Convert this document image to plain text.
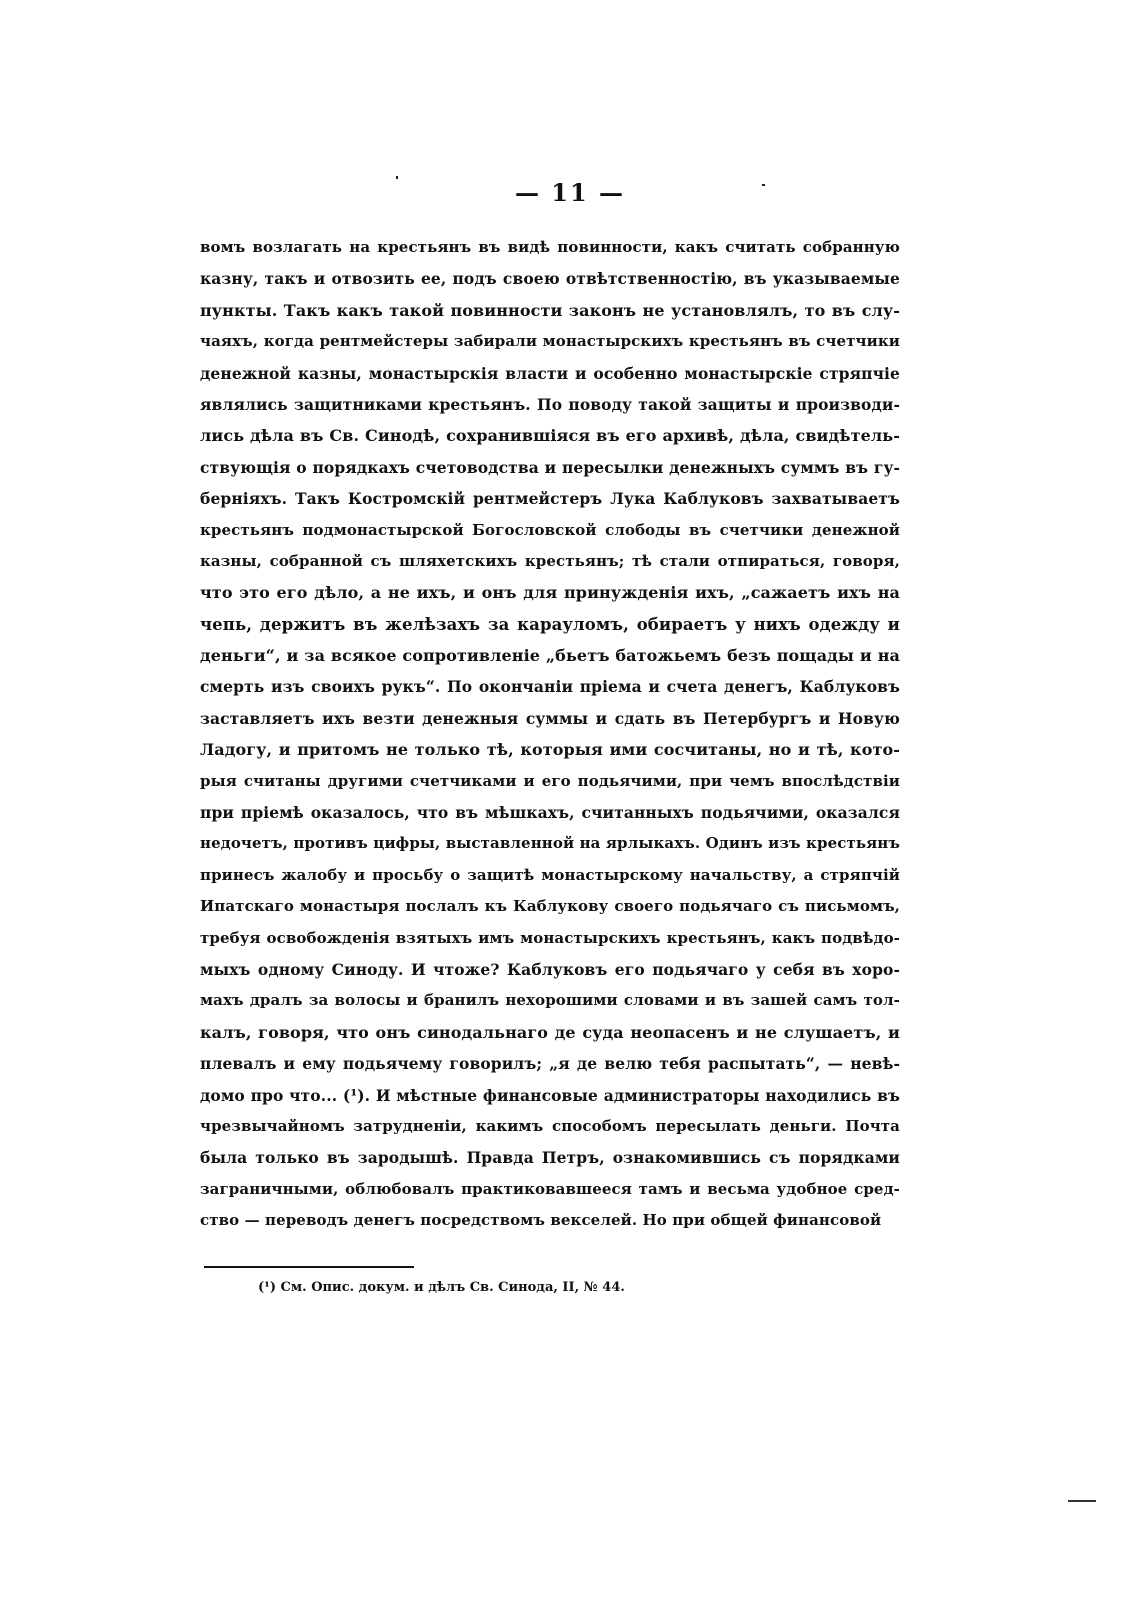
— 11 —
вомъ возлагать на крестьянъ въ видѣ повинности, какъ считать собранную
казну, такъ и отвозить ее, подъ своею отвѣтственностію, въ указываемые
пункты. Такъ какъ такой повинности законъ не установлялъ, то въ слу-
чаяхъ, когда рентмейстеры забирали монастырскихъ крестьянъ въ счетчики
денежной казны, монастырскія власти и особенно монастырскіе стряпчіе
являлись защитниками крестьянъ. По поводу такой защиты и производи-
лись дѣла въ Св. Синодѣ, сохранившіяся въ его архивѣ, дѣла, свидѣтель-
ствующія о порядкахъ счетоводства и пересылки денежныхъ суммъ въ гу-
берніяхъ. Такъ Костромскій рентмейстеръ Лука Каблуковъ захватываетъ
крестьянъ подмонастырской Богословской слободы въ счетчики денежной
казны, собранной съ шляхетскихъ крестьянъ; тѣ стали отпираться, говоря,
что это его дѣло, а не ихъ, и онъ для принужденія ихъ, „сажаетъ ихъ на
чепь, держитъ въ желѣзахъ за карауломъ, обираетъ у нихъ одежду и
деньги“, и за всякое сопротивленіе „бьетъ батожьемъ безъ пощады и на
смерть изъ своихъ рукъ“. По окончаніи пріема и счета денегъ, Каблуковъ
заставляетъ ихъ везти денежныя суммы и сдать въ Петербургъ и Новую
Ладогу, и притомъ не только тѣ, которыя ими сосчитаны, но и тѣ, кото-
рыя считаны другими счетчиками и его подьячими, при чемъ впослѣдствіи
при пріемѣ оказалось, что въ мѣшкахъ, считанныхъ подьячими, оказался
недочетъ, противъ цифры, выставленной на ярлыкахъ. Одинъ изъ крестьянъ
принесъ жалобу и просьбу о защитѣ монастырскому начальству, а стряпчій
Ипатскаго монастыря послалъ къ Каблукову своего подьячаго съ письмомъ,
требуя освобожденія взятыхъ имъ монастырскихъ крестьянъ, какъ подвѣдо-
мыхъ одному Синоду. И чтоже? Каблуковъ его подьячаго у себя въ хоро-
махъ дралъ за волосы и бранилъ нехорошими словами и въ зашей самъ тол-
калъ, говоря, что онъ синодальнаго де суда неопасенъ и не слушаетъ, и
плевалъ и ему подьячему говорилъ; „я де велю тебя распытать“, — невѣ-
домо про что... (¹). И мѣстные финансовые администраторы находились въ
чрезвычайномъ затрудненіи, какимъ способомъ пересылать деньги. Почта
была только въ зародышѣ. Правда Петръ, ознакомившись съ порядками
заграничными, облюбовалъ практиковавшееся тамъ и весьма удобное сред-
ство — переводъ денегъ посредствомъ векселей. Но при общей финансовой
(¹) См. Опис. докум. и дѣлъ Св. Синода, II, № 44.
